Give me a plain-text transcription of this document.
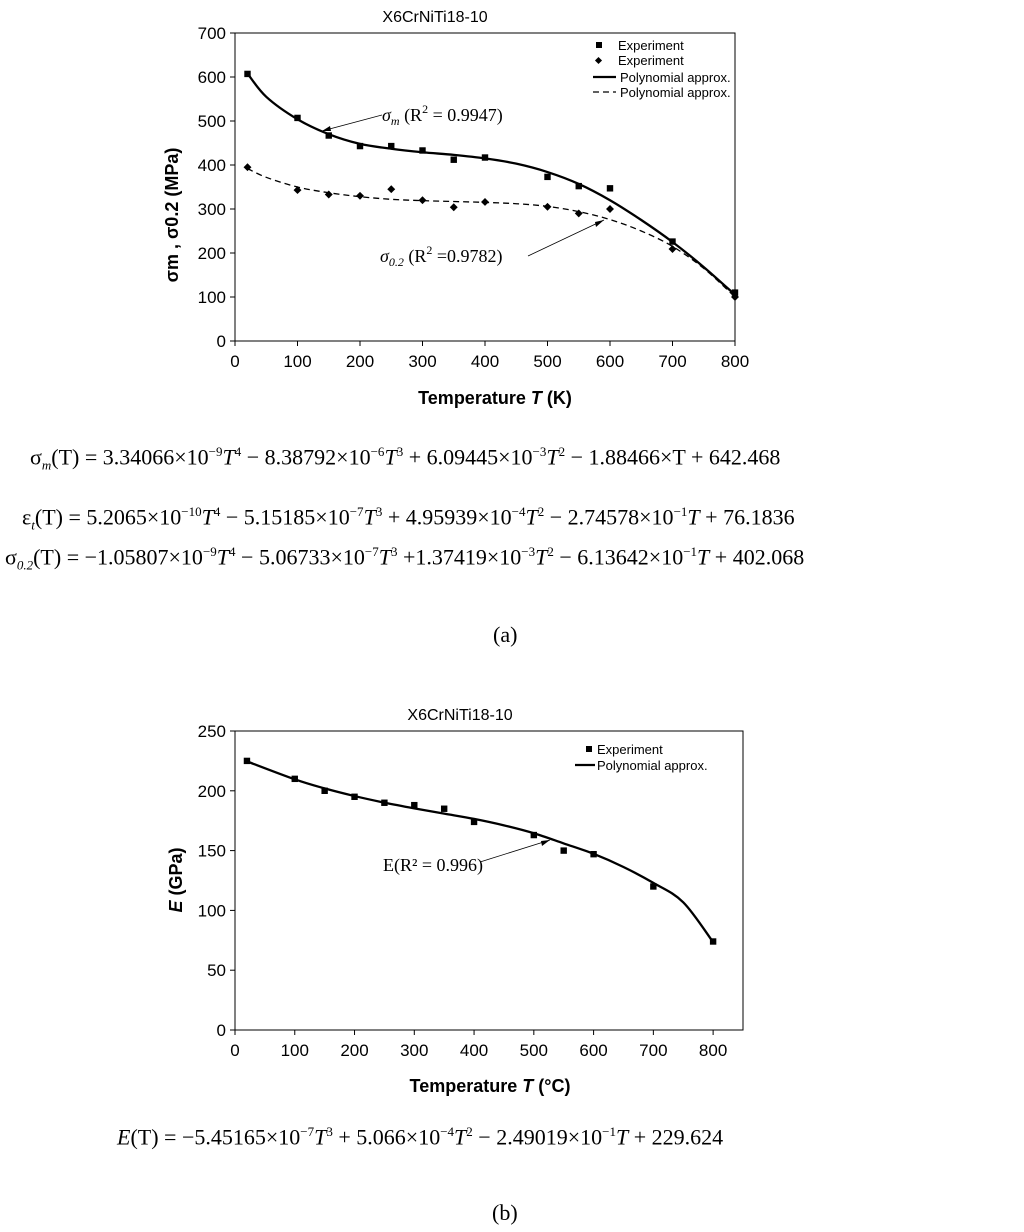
X6CrNiTi18-10
0
100
200
300
400
500
600
700
0	100 200 300 400 500 600 700 800
Experiment
Experiment
Polynomial approx.
Polynomial approx.
$\sigma_m$ $(R^2 = 0.9947)$
$\sigma_{0.2}$ $(R^2 =0.9782)$
Temperature T (K)
σm , σ0.2 (MPa)
X6CrNiTi18-10
0
50
100
150
200
250
0 100 200 300 400 500 600 700 800
Experiment
Polynomial approx.
E(R² = 0.996)
Temperature T (°C)
E (GPa)
$\sigma_m(T) = 3.34066\times 10^{-9}T^4 - 8.38792\times 10^{-6}T^3 + 6.09445\times 10^{-3}T^2 - 1.88466\times T + 642.468$
$\varepsilon_t(T) = 5.2065\times 10^{-10}T^4 - 5.15185\times 10^{-7}T^3 + 4.95939\times 10^{-4}T^2 - 2.74578\times 10^{-1}T + 76.1836$
$\sigma_{0.2}(T) = -1.05807\times 10^{-9}T^4 - 5.06733\times 10^{-7}T^3 +1.37419\times 10^{-3}T^2 - 6.13642\times 10^{-1}T + 402.068$
(a)
$E(T) = -5.45165\times 10^{-7}T^3 + 5.066\times 10^{-4}T^2 - 2.49019\times 10^{-1}T + 229.624$
(b)
